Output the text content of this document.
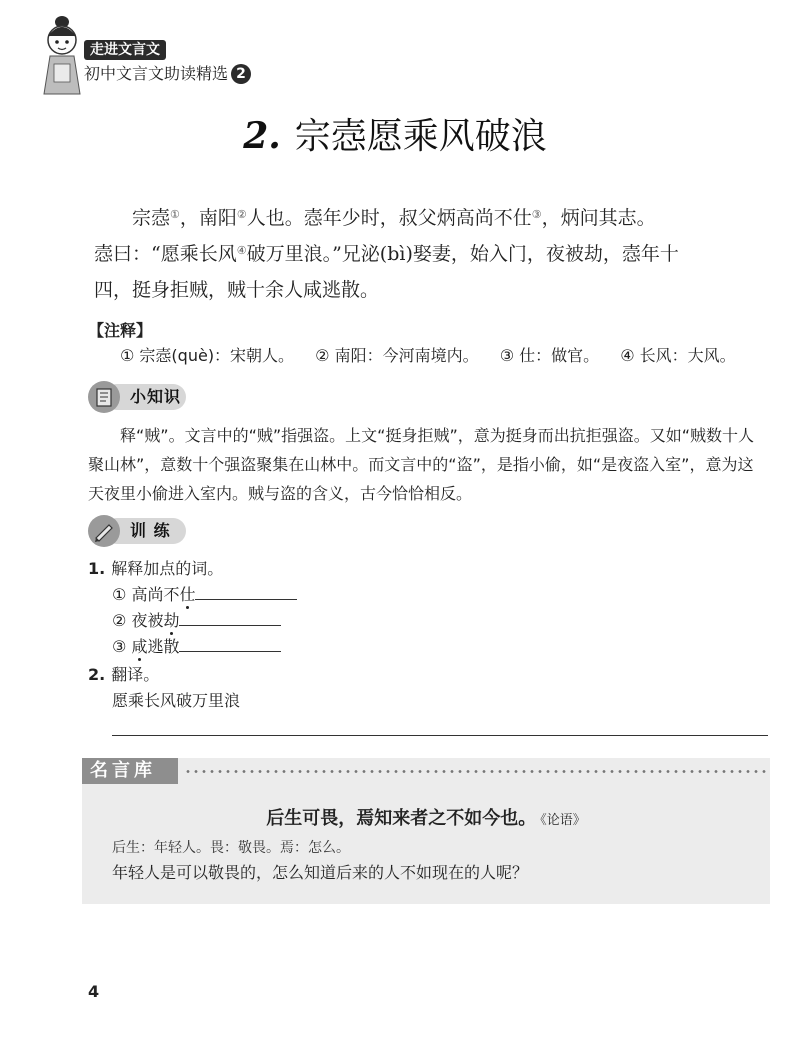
走进文言文
初中文言文助读精选 2
2. 宗悫愿乘风破浪

宗悫①，南阳②人也。悫年少时，叔父炳高尚不仕③，炳问其志。

悫曰：“愿乘长风④破万里浪。”兄泌(bì)娶妻，始入门，夜被劫，悫年十

四，挺身拒贼，贼十余人咸逃散。

【注释】
① 宗悫(què)：宋朝人。 ② 南阳：今河南境内。 ③ 仕：做官。 ④ 长风：大风。
小知识

释“贼”。文言中的“贼”指强盗。上文“挺身拒贼”，意为挺身而出抗拒强盗。又如“贼数十人聚山林”，意数十个强盗聚集在山林中。而文言中的“盗”，是指小偷，如“是夜盗入室”，意为这天夜里小偷进入室内。贼与盗的含义，古今恰恰相反。

训 练
1. 解释加点的词。
① 高尚不仕
② 夜被劫
③ 咸逃散
2. 翻译。
愿乘长风破万里浪
名言库
后生可畏，焉知来者之不如今也。 《论语》
后生：年轻人。畏：敬畏。焉：怎么。
年轻人是可以敬畏的，怎么知道后来的人不如现在的人呢？
4
